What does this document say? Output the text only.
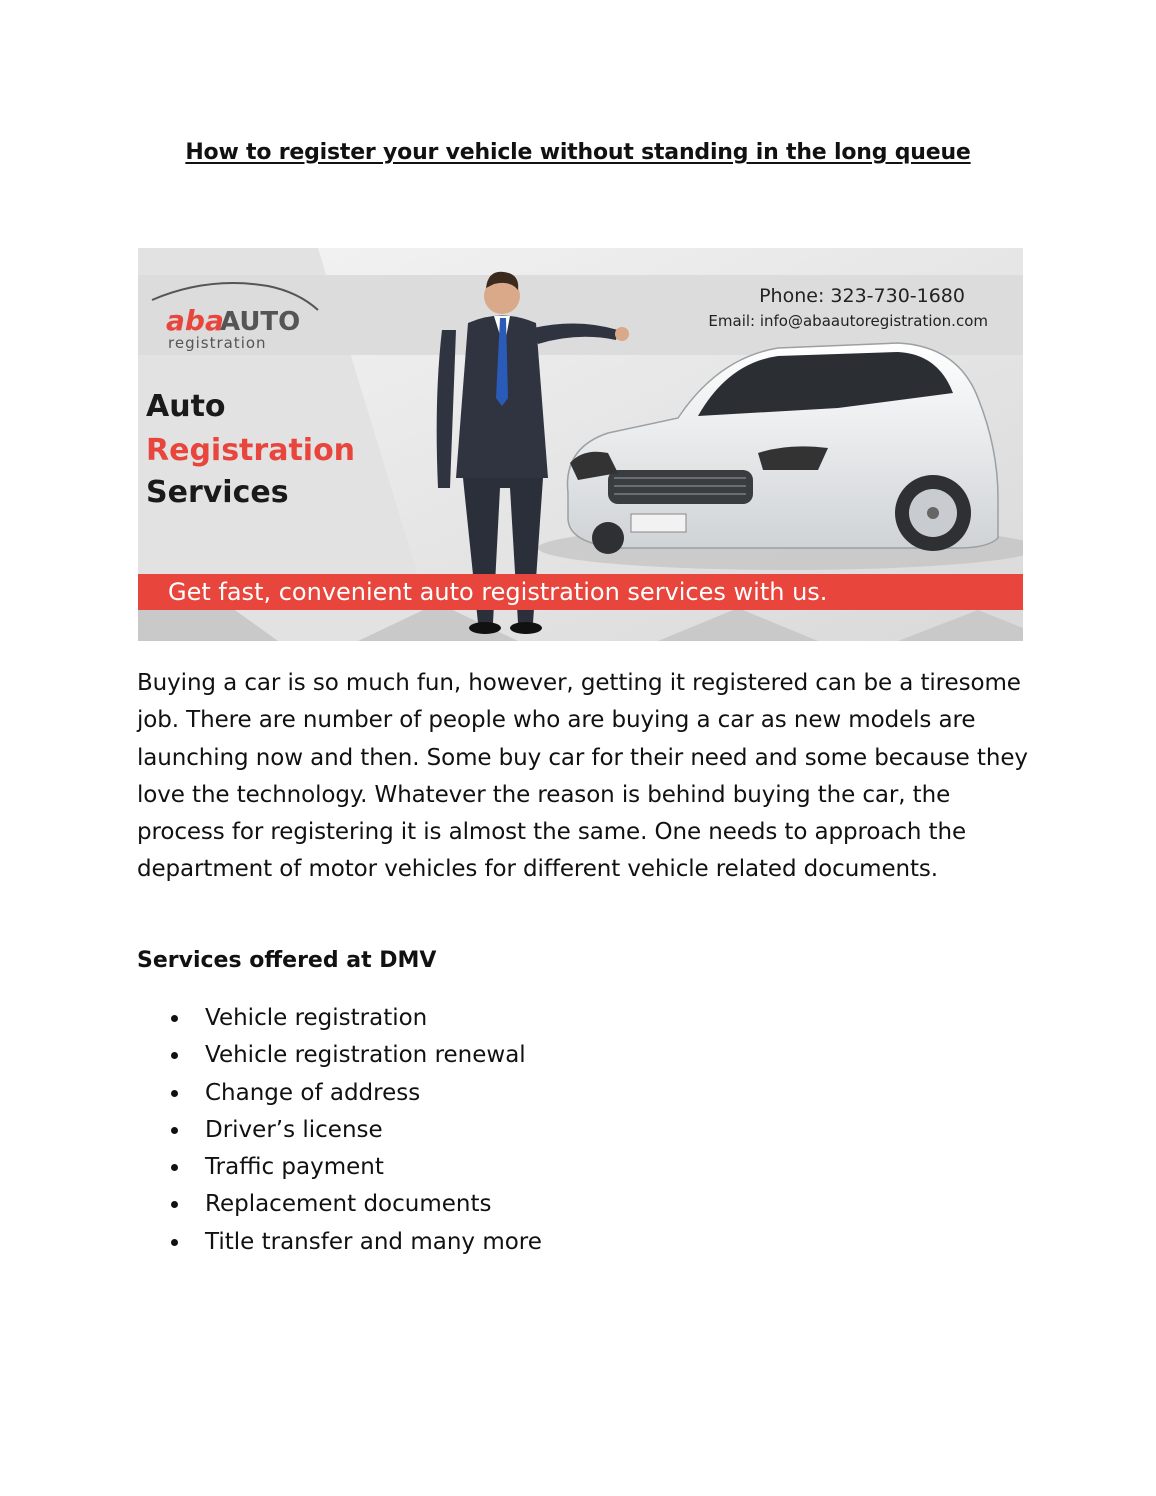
How to register your vehicle without standing in the long queue
aba
AUTO
registration
Phone: 323-730-1680
Email: info@abaautoregistration.com
Auto
Registration
Services
Get fast, convenient auto registration services with us.
Buying a car is so much fun, however, getting it registered can be a tiresome job. There are number of people who are buying a car as new models are launching now and then. Some buy car for their need and some because they love the technology. Whatever the reason is behind buying the car, the process for registering it is almost the same. One needs to approach the department of motor vehicles for different vehicle related documents.
Services offered at DMV
Vehicle registration
Vehicle registration renewal
Change of address
Driver’s license
Traffic payment
Replacement documents
Title transfer and many more
